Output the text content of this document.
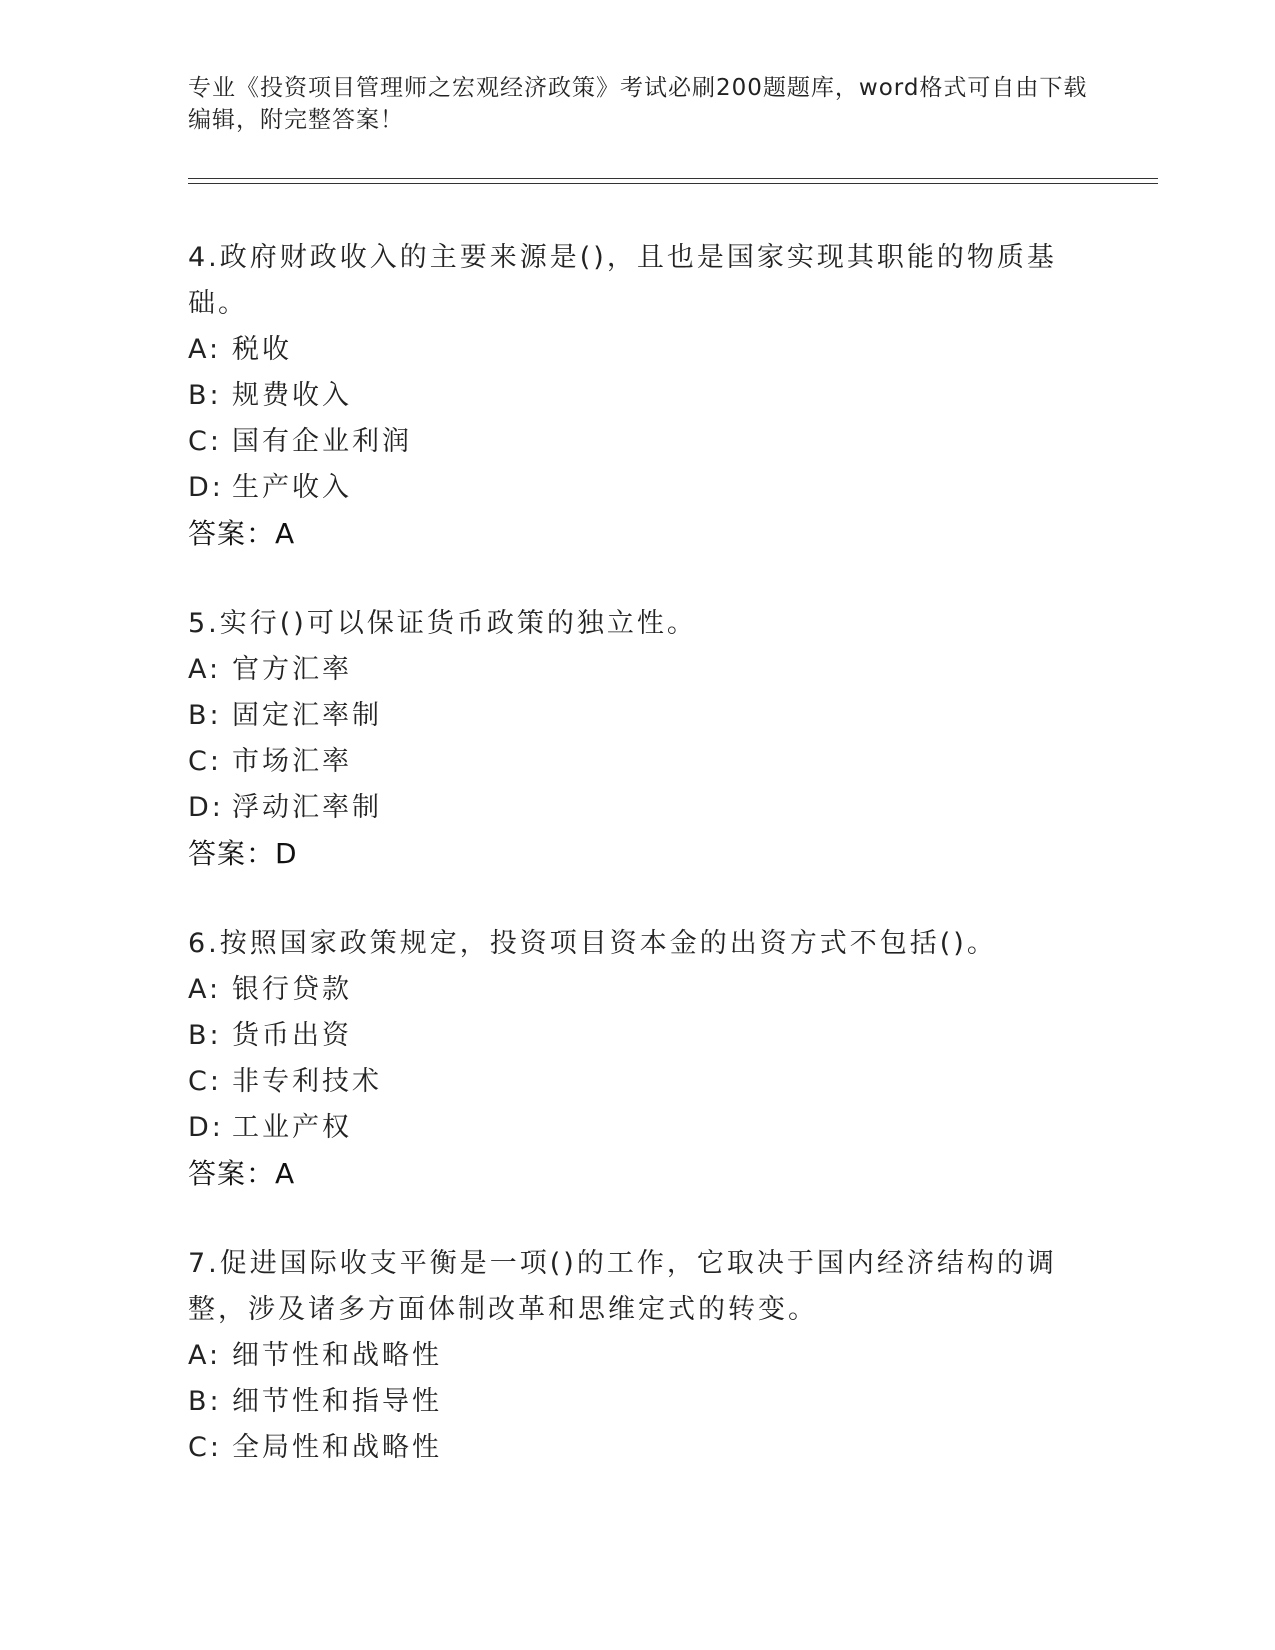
专业《投资项目管理师之宏观经济政策》考试必刷200题题库，word格式可自由下载编辑，附完整答案！
4.政府财政收入的主要来源是()，且也是国家实现其职能的物质基础。
A: 税收
B: 规费收入
C: 国有企业利润
D: 生产收入
答案：A
5.实行()可以保证货币政策的独立性。
A: 官方汇率
B: 固定汇率制
C: 市场汇率
D: 浮动汇率制
答案：D
6.按照国家政策规定，投资项目资本金的出资方式不包括()。
A: 银行贷款
B: 货币出资
C: 非专利技术
D: 工业产权
答案：A
7.促进国际收支平衡是一项()的工作，它取决于国内经济结构的调整，涉及诸多方面体制改革和思维定式的转变。
A: 细节性和战略性
B: 细节性和指导性
C: 全局性和战略性
